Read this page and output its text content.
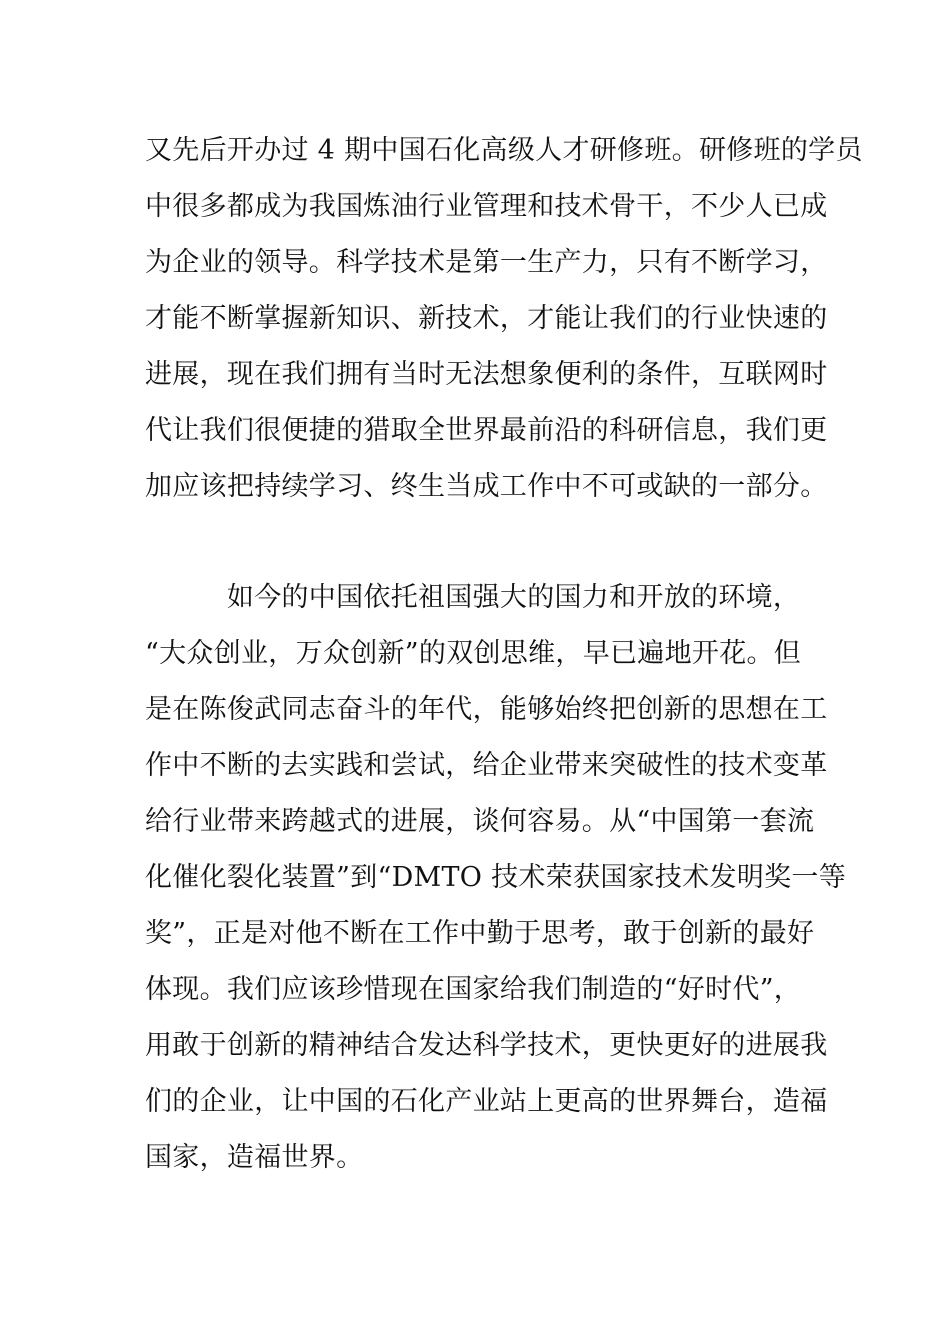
又先后开办过 4 期中国石化高级人才研修班。研修班的学员
中很多都成为我国炼油行业管理和技术骨干，不少人已成
为企业的领导。科学技术是第一生产力，只有不断学习，
才能不断掌握新知识、新技术，才能让我们的行业快速的
进展，现在我们拥有当时无法想象便利的条件，互联网时
代让我们很便捷的猎取全世界最前沿的科研信息，我们更
加应该把持续学习、终生当成工作中不可或缺的一部分。
　　　如今的中国依托祖国强大的国力和开放的环境，
“大众创业，万众创新”的双创思维，早已遍地开花。但
是在陈俊武同志奋斗的年代，能够始终把创新的思想在工
作中不断的去实践和尝试，给企业带来突破性的技术变革
给行业带来跨越式的进展，谈何容易。从“中国第一套流
化催化裂化装置”到“DMTO 技术荣获国家技术发明奖一等
奖”，正是对他不断在工作中勤于思考，敢于创新的最好
体现。我们应该珍惜现在国家给我们制造的“好时代”，
用敢于创新的精神结合发达科学技术，更快更好的进展我
们的企业，让中国的石化产业站上更高的世界舞台，造福
国家，造福世界。
